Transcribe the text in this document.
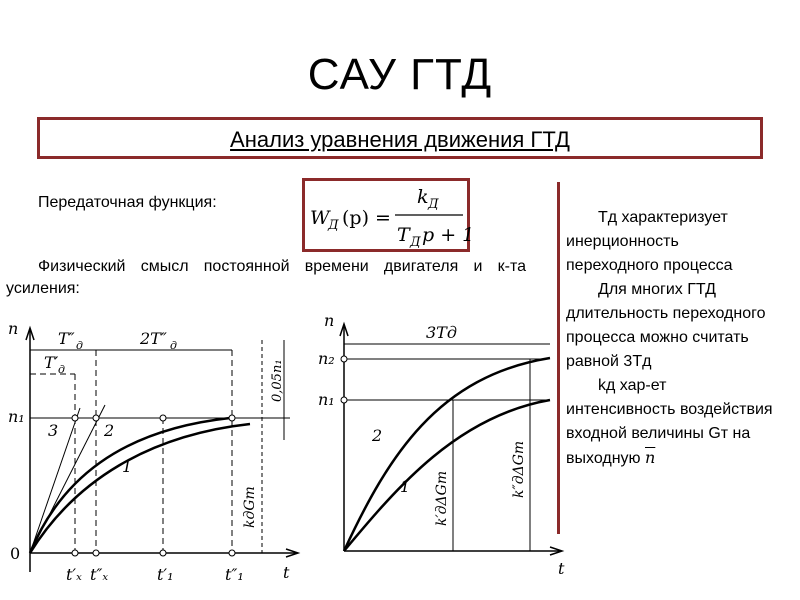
САУ ГТД
Анализ уравнения движения ГТД
Передаточная функция:
W
Д (p) =
k Д
T Д p + 1
Физический смысл постоянной времени двигателя и к-та усиления:

Тд характеризует инерционность переходного процесса

Для многих ГТД длительность переходного процесса можно считать равной 3Тд

kд хар-ет интенсивность воздействия входной величины Gт на выходную $\overline{n}$

n
t
0
n₁
T″ д	2T″ д
T′ д
3	2
1
t′ₓ t″ₓ	t′₁	t″₁
0,05n₁
kдGт
n
t
n₂
n₁
3Tд
2
1 k′дΔGт
k″дΔGт
